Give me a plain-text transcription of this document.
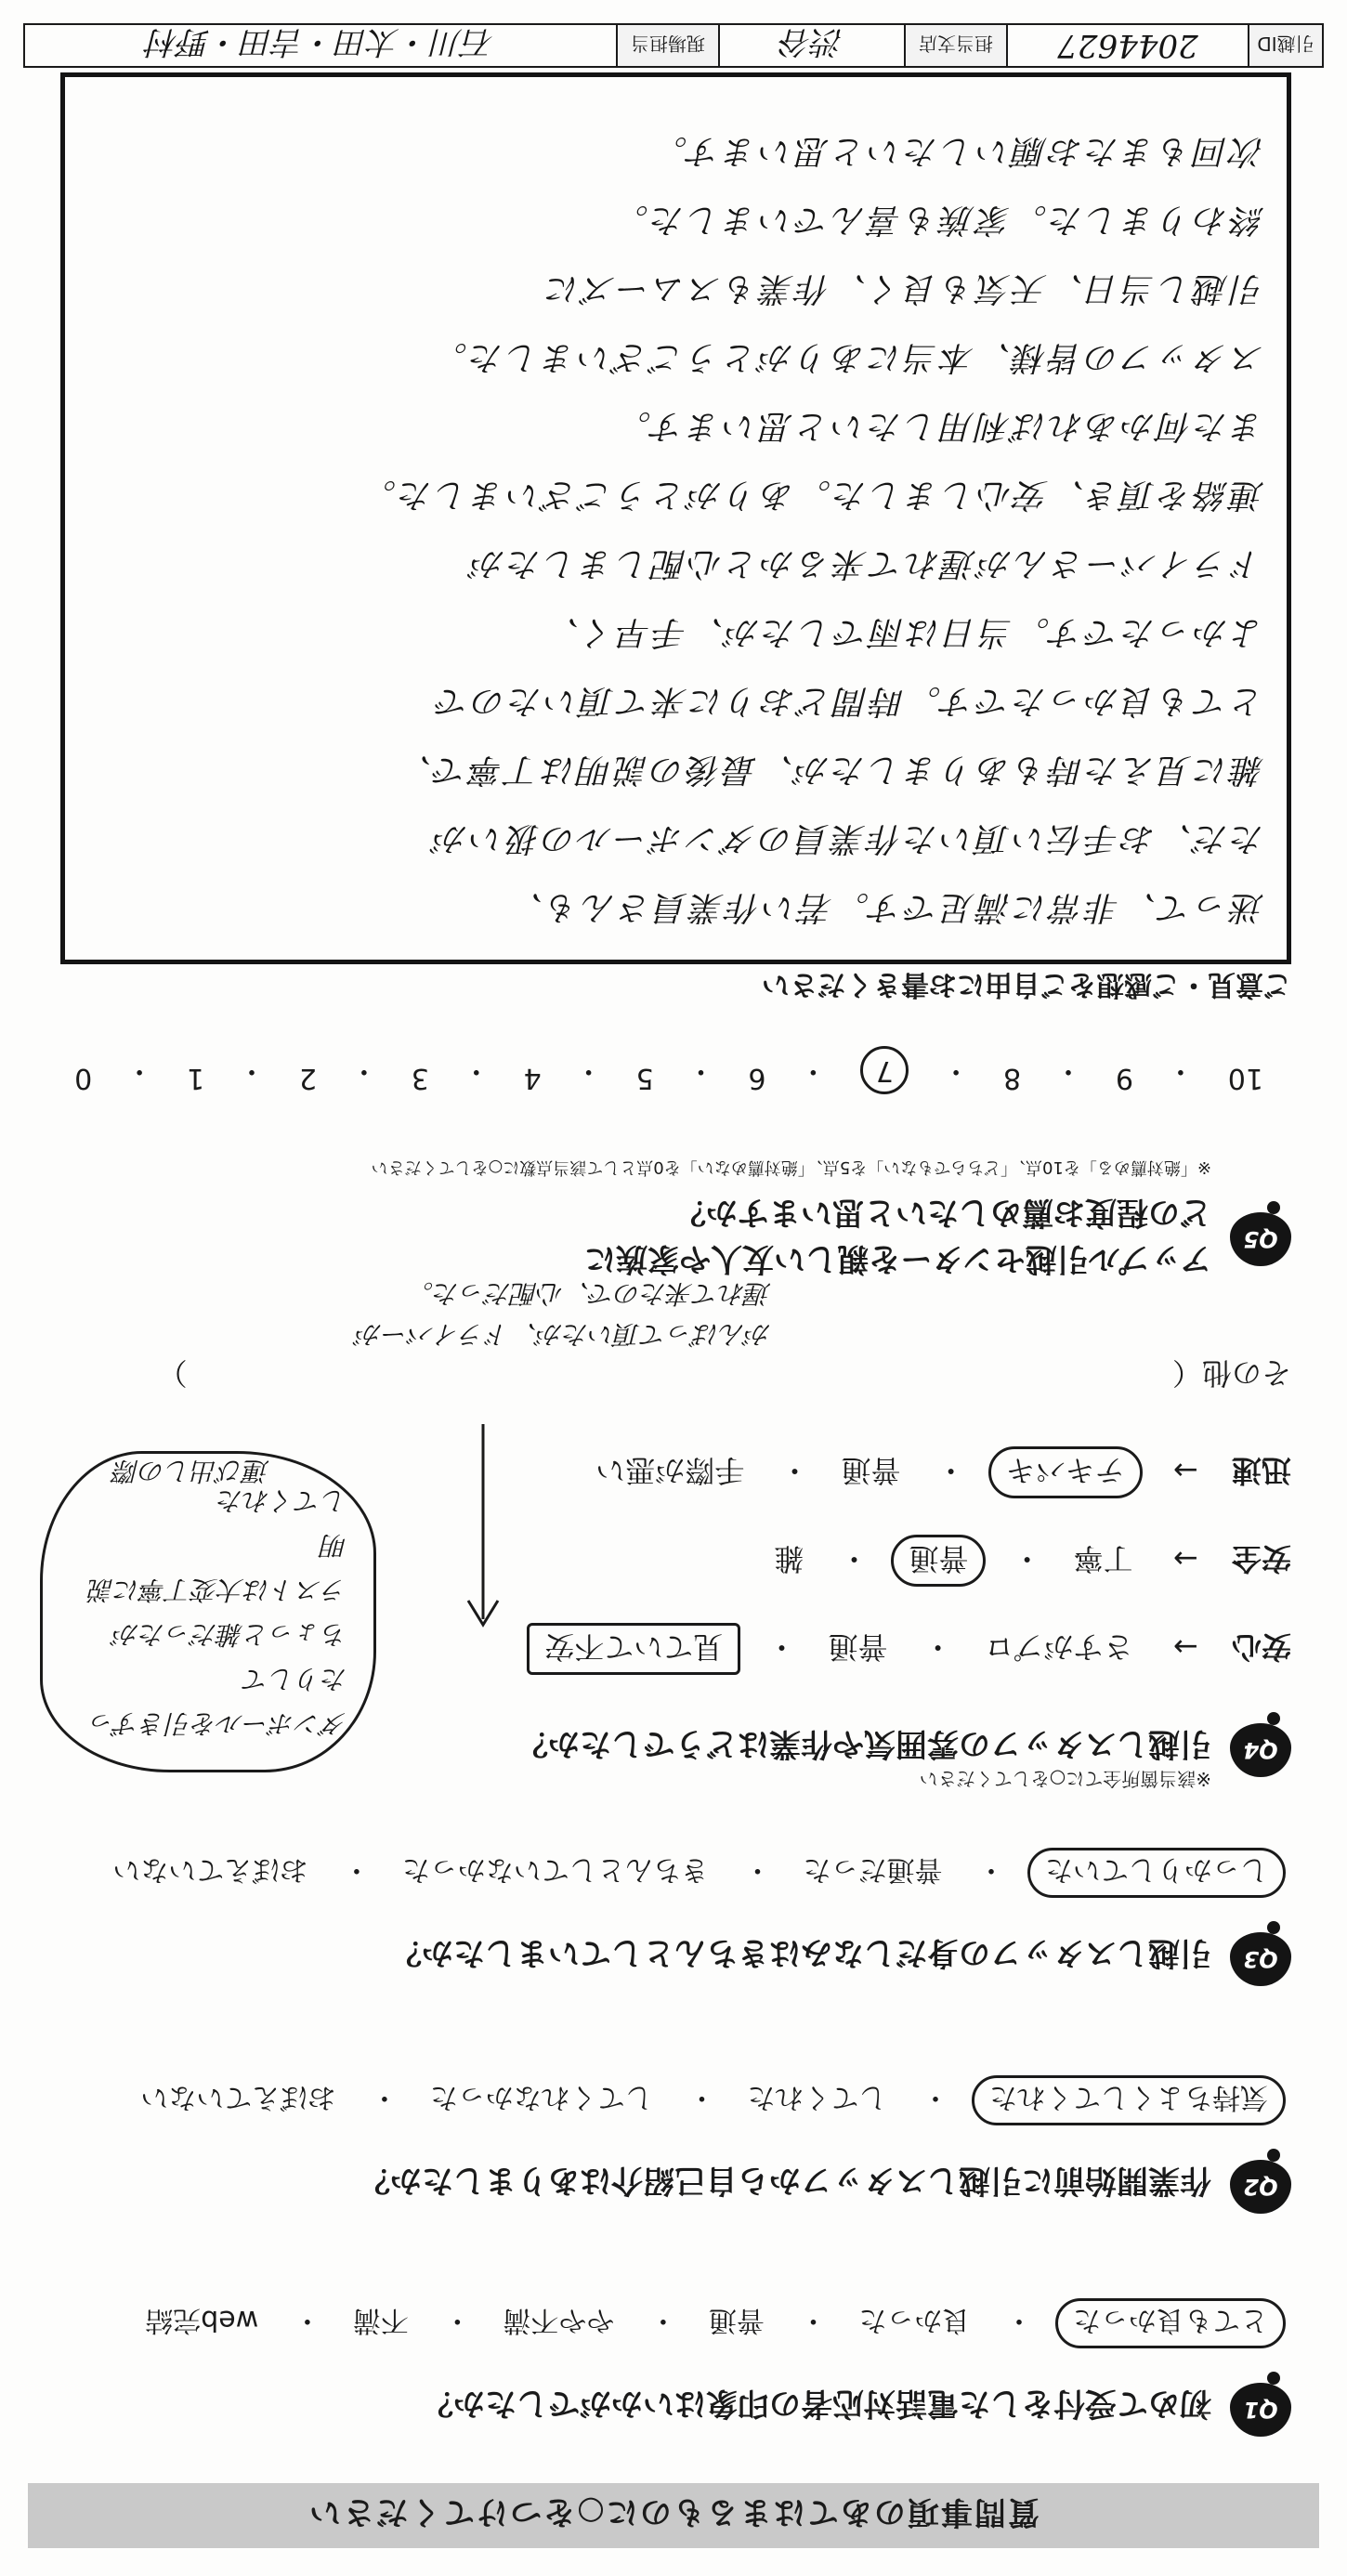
質問事項のあてはまるものに○をつけてください
Q1
初めて受付をした電話対応者の印象はいかがでしたか？
とても良かった・ 良かった・ 普通・ やや不満・ 不満・ web完結
Q2
作業開始前に引越しスタッフから自己紹介はありましたか？
気持ちよくしてくれた・ してくれた・ してくれなかった・ おぼえていない
Q3
引越しスタッフの身だしなみはきちんとしていましたか？
しっかりしていた・ 普通だった・ きちんとしていなかった・ おぼえていない
Q4
引越しスタッフの雰囲気や作業はどうでしたか？
※該当箇所全てに○をしてください
安心 → さすがプロ・ 普通・ 見ていて不安
安全 → 丁寧・ 普通・ 雑
迅速 → テキパキ・ 普通・ 手際が悪い
その他（  ）
がんばって頂いたが、ドライバーが
遅れて来たので、心配だった。
運び出しの際
ダンボールを引きずったりして
ちょっと雑だったが
ラストは大変丁寧に説明
してくれた
Q5
アップル引越センターを親しい友人や家族に
どの程度お薦めしたいと思いますか？
※「絶対薦める」を10点、「どちらでもない」を5点、「絶対薦めない」を0点として該当点数に○をしてください
10
・
9
・
8
・
7
・
6
・
5
・
4
・
3
・
2
・
1
・
0
ご意見・ご感想をご自由にお書きください
迷って、非常に満足です。若い作業員さんも、
ただ、お手伝い頂いた作業員のダンボールの扱いが
雑に見えた時もありましたが、最後の説明は丁寧で、
とても良かったです。時間どおりに来て頂いたので
よかったです。当日は雨でしたが、手早く、
ドライバーさんが遅れて来るかと心配しましたが
連絡を頂き、安心しました。ありがとうございました。
また何かあれば利用したいと思います。
スタッフの皆様、本当にありがとうございました。
引越し当日、天気も良く、作業もスムーズに
終わりました。家族も喜んでいました。
次回もまたお願いしたいと思います。
引越ID
2044627
担当支店
渋谷
現場担当
石川・太田・吉田・野村
